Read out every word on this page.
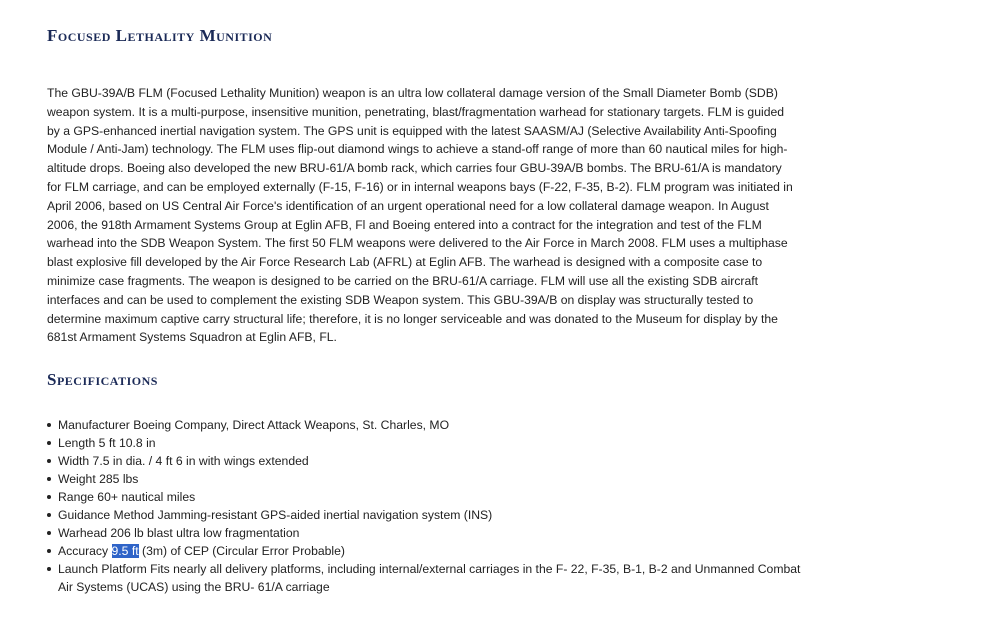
Focused Lethality Munition

The GBU-39A/B FLM (Focused Lethality Munition) weapon is an ultra low collateral damage version of the Small Diameter Bomb (SDB) weapon system. It is a multi-purpose, insensitive munition, penetrating, blast/fragmentation warhead for stationary targets. FLM is guided by a GPS-enhanced inertial navigation system. The GPS unit is equipped with the latest SAASM/AJ (Selective Availability Anti-Spoofing Module / Anti-Jam) technology. The FLM uses flip-out diamond wings to achieve a stand-off range of more than 60 nautical miles for high-altitude drops. Boeing also developed the new BRU-61/A bomb rack, which carries four GBU-39A/B bombs. The BRU-61/A is mandatory for FLM carriage, and can be employed externally (F-15, F-16) or in internal weapons bays (F-22, F-35, B-2). FLM program was initiated in April 2006, based on US Central Air Force's identification of an urgent operational need for a low collateral damage weapon. In August 2006, the 918th Armament Systems Group at Eglin AFB, Fl and Boeing entered into a contract for the integration and test of the FLM warhead into the SDB Weapon System. The first 50 FLM weapons were delivered to the Air Force in March 2008. FLM uses a multiphase blast explosive fill developed by the Air Force Research Lab (AFRL) at Eglin AFB. The warhead is designed with a composite case to minimize case fragments. The weapon is designed to be carried on the BRU-61/A carriage. FLM will use all the existing SDB aircraft interfaces and can be used to complement the existing SDB Weapon system. This GBU-39A/B on display was structurally tested to determine maximum captive carry structural life; therefore, it is no longer serviceable and was donated to the Museum for display by the 681st Armament Systems Squadron at Eglin AFB, FL.

Specifications
Manufacturer Boeing Company, Direct Attack Weapons, St. Charles, MO
Length 5 ft 10.8 in
Width 7.5 in dia. / 4 ft 6 in with wings extended
Weight 285 lbs
Range 60+ nautical miles
Guidance Method Jamming-resistant GPS-aided inertial navigation system (INS)
Warhead 206 lb blast ultra low fragmentation
Accuracy 9.5 ft (3m) of CEP (Circular Error Probable)
Launch Platform Fits nearly all delivery platforms, including internal/external carriages in the F- 22, F-35, B-1, B-2 and Unmanned Combat Air Systems (UCAS) using the BRU- 61/A carriage
